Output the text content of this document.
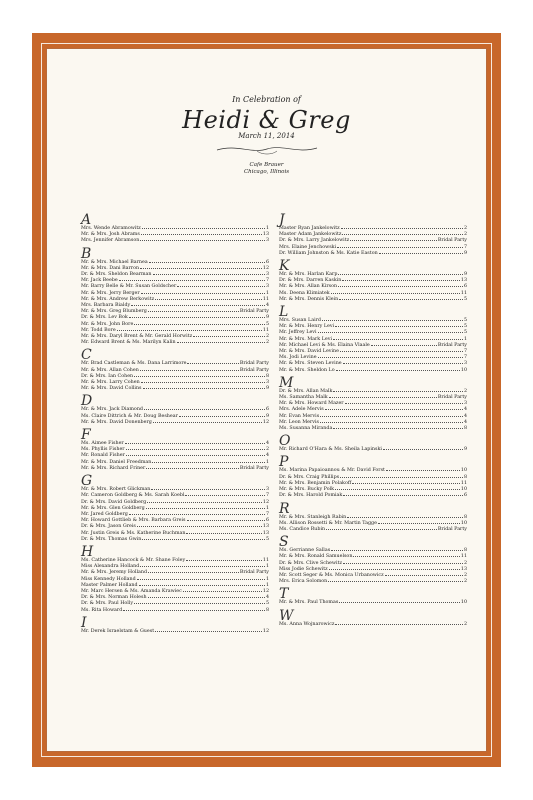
In Celebration of
Heidi & Greg
March 11, 2014
Cafe Brauer
Chicago, Illinois
A
Mrs. Wende Abramowitz	1
Mr. & Mrs. Josh Abrams	13
Mrs. Jennifer Abramson	3
B
Mr. & Mrs. Michael Barnea	6
Mr. & Mrs. Dani Barron	12
Dr. & Mrs. Sheldon Bearman	3
Mr. Jack Beebe	7
Mr. Barry Belle & Mr. Susan Goldscher	3
Mr. & Mrs. Jerry Berger	1
Mr. & Mrs. Andrew Berkowitz	11
Mrs. Barbara Bialdy	4
Mr. & Mrs. Greg Blumberg	Bridal Party
Dr. & Mrs. Lev Bok	9
Mr. & Mrs. John Bore	5
Mr. Todd Bore	11
Mr. & Mrs. Daryl Brent & Mr. Gerald Horwitz	2
Mr. Edward Brent & Ms. Marilyn Kalin	2
C
Mr. Brad Castleman & Ms. Dana Larrimore	Bridal Party
Mr. & Mrs. Allan Cohen	Bridal Party
Dr. & Mrs. Ian Cohen	8
Mr. & Mrs. Larry Cohen	3
Mr. & Mrs. David Collins	9
D
Mr. & Mrs. Jack Diamond	6
Ms. Claire Dittrich & Mr. Doug Beshear	9
Mr. & Mrs. David Donenberg	12
F
Ms. Aimee Fisher	4
Ms. Phyllis Fisher	2
Mr. Ronald Fisher	4
Mr. & Mrs. Daniel Freedman	1
Mr. & Mrs. Richard Friner	Bridal Party
G
Mr. & Mrs. Robert Glickman	3
Mr. Cameron Goldberg & Ms. Sarah Koebl	7
Dr. & Mrs. David Goldberg	12
Mr. & Mrs. Glen Goldberg	1
Mr. Jared Goldberg	7
Mr. Howard Gottlieb & Mrs. Barbara Greis	6
Dr. & Mrs. Jason Greis	13
Mr. Justin Greis & Ms. Katherine Buchman	13
Dr. & Mrs. Thomas Gwin	5
H
Ms. Catherine Hancock & Mr. Shane Foley	11
Miss Alexandra Holland	1
Mr. & Mrs. Jeremy Holland	Bridal Party
Miss Kennedy Holland	1
Master Palmer Holland	1
Mr. Marc Hersen & Ms. Amanda Krawiec	12
Dr. & Mrs. Norman Holesh	4
Dr. & Mrs. Paul Holly	5
Ms. Rita Howard	8
I
Mr. Derek Israelstam & Guest	12
J
Master Ryan Jankelowitz	2
Master Adam Jankelowitz	2
Dr. & Mrs. Larry Jankelowitz	Bridal Party
Mrs. Elaine Jenchowski	7
Dr. William Johnston & Ms. Katie Easton	9
K
Mr. & Mrs. Harlan Karp	9
Dr. & Mrs. Darren Kaskin	13
Mr. & Mrs. Allan Kirson	6
Ms. Deena Klimiatek	11
Mr. & Mrs. Dennis Klein	5
L
Mrs. Susan Laird	5
Mr. & Mrs. Henry Levi	5
Mr. Jeffrey Levi	5
Mr. & Mrs. Mark Levi	1
Mr. Michael Levi & Ms. Elaina Vlaale	Bridal Party
Mr. & Mrs. David Levine	7
Ms. Jodi Levine	7
Mr. & Mrs. Steven Levine	3
Mr. & Mrs. Sheldon Lo	10
M
Dr. & Mrs. Allan Malk	2
Ms. Samantha Malk	Bridal Party
Mr. & Mrs. Howard Mazer	3
Mrs. Adele Mervis	4
Mr. Evan Mervis	4
Mr. Leon Mervis	4
Ms. Susanna Miranda	8
O
Mr. Richard O'Hara & Ms. Sheila Lapinski	9
P
Ms. Marina Papaioannou & Mr. David Forst	10
Dr. & Mrs. Craig Phillips	8
Mr. & Mrs. Benjamin Polakoff	11
Mr. & Mrs. Bucky Polk	10
Dr. & Mrs. Harold Pomiak	6
R
Mr. & Mrs. Stanleigh Rabin	8
Ms. Allison Rossetti & Mr. Martin Tagge	10
Ms. Candice Rubin	Bridal Party
S
Ms. Gerrianne Sallas	8
Mr. & Mrs. Ronald Samuelson	11
Dr. & Mrs. Clive Schewitz	2
Miss Jodie Schewitz	13
Mr. Scott Seger & Ms. Monica Urbanowicz	2
Mrs. Erica Solomon	2
T
Mr. & Mrs. Paul Thomas	10
W
Ms. Anna Wojnarowicz	2
